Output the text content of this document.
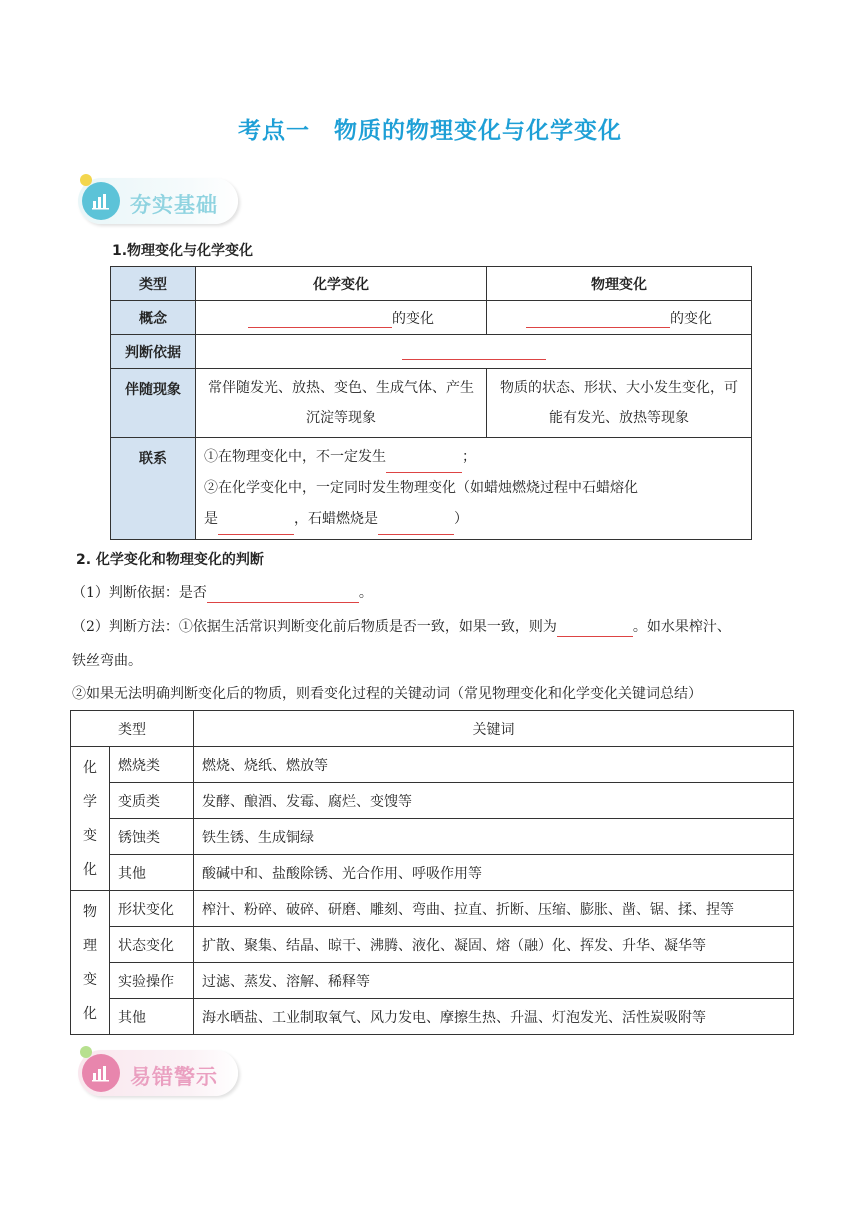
考点一　物质的物理变化与化学变化
夯实基础
1.物理变化与化学变化
类型	化学变化	物理变化
概念	的变化	的变化
判断依据		
伴随现象	常伴随发光、放热、变色、生成气体、产生沉淀等现象	物质的状态、形状、大小发生变化，可能有发光、放热等现象
联系	①在物理变化中，不一定发生 ；
②在化学变化中，一定同时发生物理变化（如蜡烛燃烧过程中石蜡熔化
是 ，石蜡燃烧是 ）	
2. 化学变化和物理变化的判断
（1）判断依据：是否	。
（2）判断方法：①依据生活常识判断变化前后物质是否一致，如果一致，则为	。如水果榨汁、
铁丝弯曲。
②如果无法明确判断变化后的物质，则看变化过程的关键动词（常见物理变化和化学变化关键词总结）
类型		关键词

化
学
变
化	燃烧类	燃烧、烧纸、燃放等
	变质类	发酵、酿酒、发霉、腐烂、变馊等
	锈蚀类	铁生锈、生成铜绿
	其他	酸碱中和、盐酸除锈、光合作用、呼吸作用等

物
理
变
化	形状变化	榨汁、粉碎、破碎、研磨、雕刻、弯曲、拉直、折断、压缩、膨胀、凿、锯、揉、捏等
	状态变化	扩散、聚集、结晶、晾干、沸腾、液化、凝固、熔（融）化、挥发、升华、凝华等
	实验操作	过滤、蒸发、溶解、稀释等
	其他	海水晒盐、工业制取氧气、风力发电、摩擦生热、升温、灯泡发光、活性炭吸附等
易错警示
